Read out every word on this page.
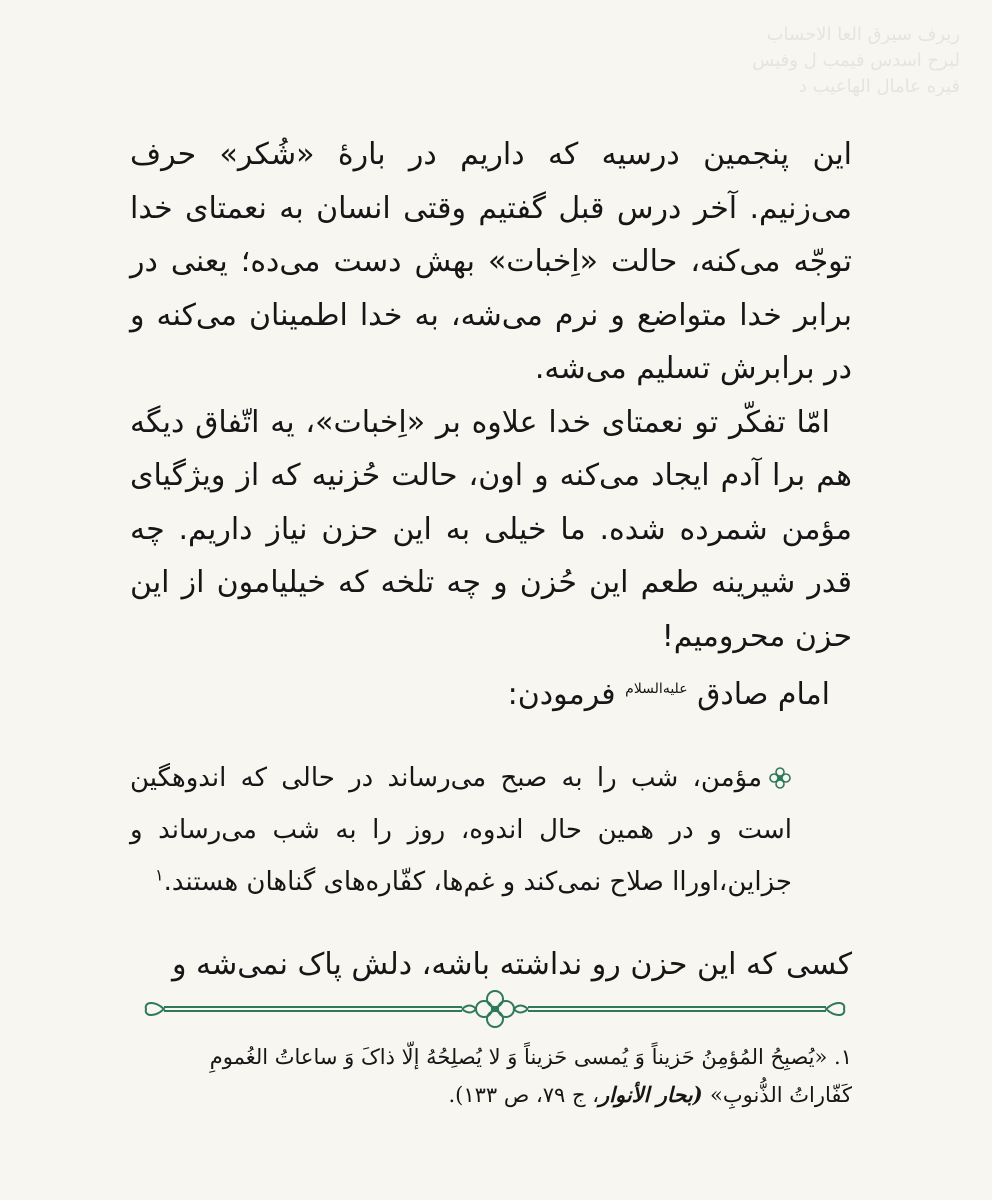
ریرف سیرق العا الاحساب
لبرح اسدس فیمب ل وفیس
قیره عامال الهاعیب د

این پنجمین درسیه که داریم در بارهٔ «شُکر» حرف می‌زنیم. آخر درس قبل گفتیم وقتی انسان به نعمتای خدا توجّه می‌کنه، حالت «اِخبات» بهش دست می‌ده؛ یعنی در برابر خدا متواضع و نرم می‌شه، به خدا اطمینان می‌کنه و در برابرش تسلیم می‌شه.

امّا تفکّر تو نعمتای خدا علاوه بر «اِخبات»، یه اتّفاق دیگه هم برا آدم ایجاد می‌کنه و اون، حالت حُزنیه که از ویژگیای مؤمن شمرده شده. ما خیلی به این حزن نیاز داریم. چه قدر شیرینه طعم این حُزن و چه تلخه که خیلیامون از این حزن محرومیم!

امام صادق $^{علیه‌السلام}$ فرمودن:

مؤمن، شب را به صبح می‌رساند در حالی که اندوهگین است و در همین حال اندوه، روز را به شب می‌رساند و جزاین،اوراا صلاح نمی‌کند و غم‌ها، کفّاره‌های گناهان هستند.$^۱$

کسی که این حزن رو نداشته باشه، دلش پاک نمی‌شه و

۱. «یُصبِحُ المُؤمِنُ حَزیناً وَ یُمسی حَزیناً وَ لا یُصلِحُهُ إلّا ذاکَ وَ ساعاتُ الغُمومِ کَفّاراتُ الذُّنوبِ» (بحار الأنوار، ج ۷۹، ص ۱۳۳).
